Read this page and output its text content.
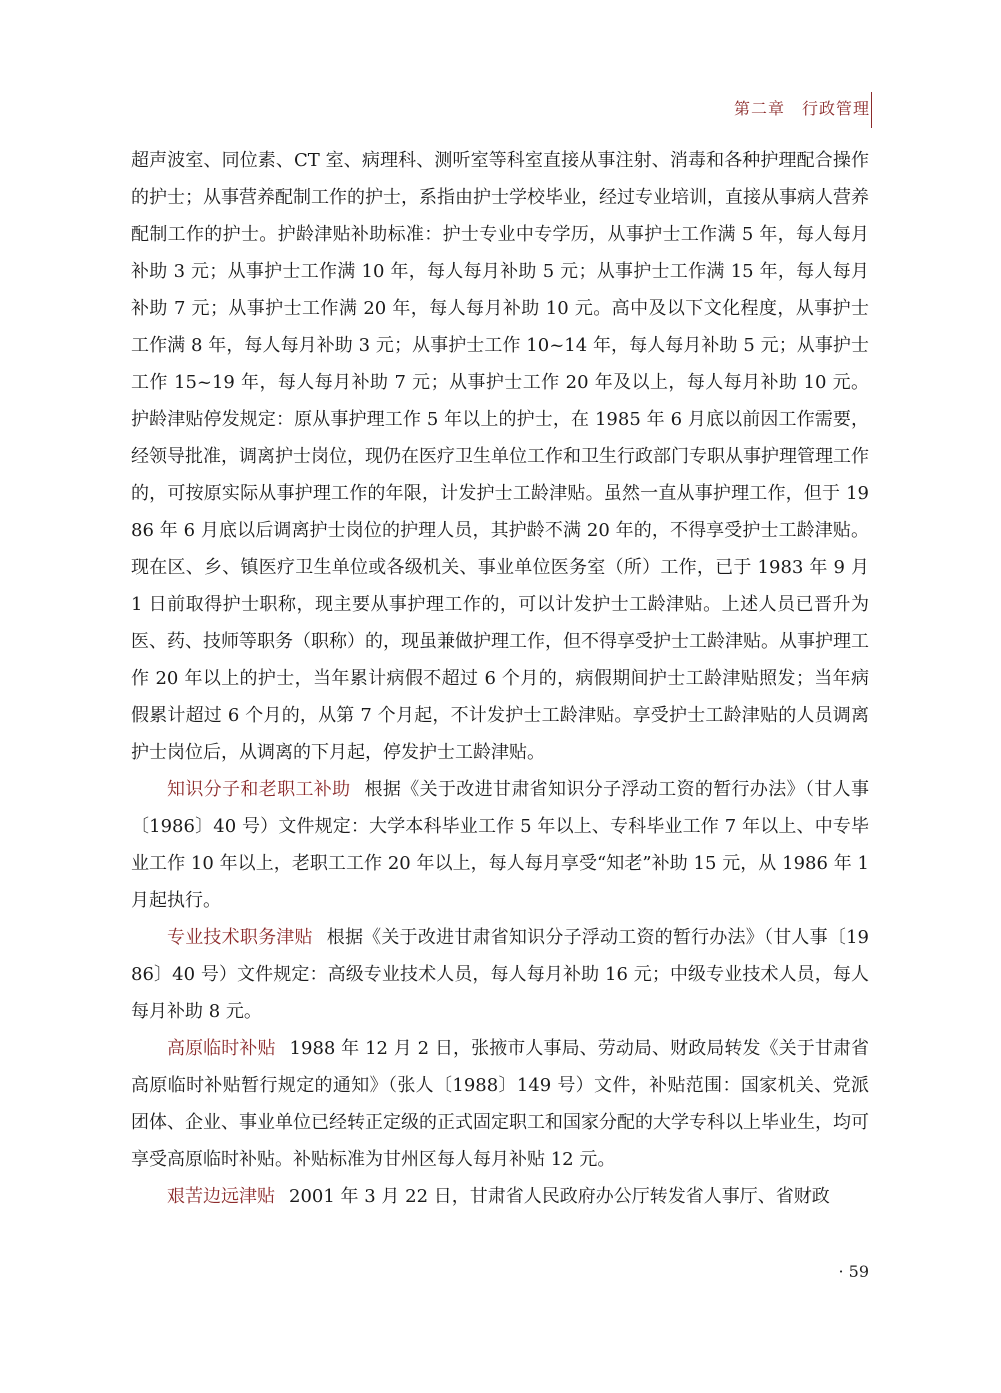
第二章　行政管理

超声波室、同位素、CT 室、病理科、测听室等科室直接从事注射、消毒和各种护理配合操作的护士；从事营养配制工作的护士，系指由护士学校毕业，经过专业培训，直接从事病人营养配制工作的护士。护龄津贴补助标准：护士专业中专学历，从事护士工作满 5 年，每人每月补助 3 元；从事护士工作满 10 年，每人每月补助 5 元；从事护士工作满 15 年，每人每月补助 7 元；从事护士工作满 20 年，每人每月补助 10 元。高中及以下文化程度，从事护士工作满 8 年，每人每月补助 3 元；从事护士工作 10~14 年，每人每月补助 5 元；从事护士工作 15~19 年，每人每月补助 7 元；从事护士工作 20 年及以上，每人每月补助 10 元。护龄津贴停发规定：原从事护理工作 5 年以上的护士，在 1985 年 6 月底以前因工作需要，经领导批准，调离护士岗位，现仍在医疗卫生单位工作和卫生行政部门专职从事护理管理工作的，可按原实际从事护理工作的年限，计发护士工龄津贴。虽然一直从事护理工作，但于 1986 年 6 月底以后调离护士岗位的护理人员，其护龄不满 20 年的，不得享受护士工龄津贴。现在区、乡、镇医疗卫生单位或各级机关、事业单位医务室（所）工作，已于 1983 年 9 月 1 日前取得护士职称，现主要从事护理工作的，可以计发护士工龄津贴。上述人员已晋升为医、药、技师等职务（职称）的，现虽兼做护理工作，但不得享受护士工龄津贴。从事护理工作 20 年以上的护士，当年累计病假不超过 6 个月的，病假期间护士工龄津贴照发；当年病假累计超过 6 个月的，从第 7 个月起，不计发护士工龄津贴。享受护士工龄津贴的人员调离护士岗位后，从调离的下月起，停发护士工龄津贴。

知识分子和老职工补助 根据《关于改进甘肃省知识分子浮动工资的暂行办法》（甘人事〔1986〕40 号）文件规定：大学本科毕业工作 5 年以上、专科毕业工作 7 年以上、中专毕业工作 10 年以上，老职工工作 20 年以上，每人每月享受“知老”补助 15 元，从 1986 年 1 月起执行。

专业技术职务津贴 根据《关于改进甘肃省知识分子浮动工资的暂行办法》（甘人事〔1986〕40 号）文件规定：高级专业技术人员，每人每月补助 16 元；中级专业技术人员，每人每月补助 8 元。

高原临时补贴 1988 年 12 月 2 日，张掖市人事局、劳动局、财政局转发《关于甘肃省高原临时补贴暂行规定的通知》（张人〔1988〕149 号）文件，补贴范围：国家机关、党派团体、企业、事业单位已经转正定级的正式固定职工和国家分配的大学专科以上毕业生，均可享受高原临时补贴。补贴标准为甘州区每人每月补贴 12 元。

艰苦边远津贴 2001 年 3 月 22 日，甘肃省人民政府办公厅转发省人事厅、省财政

· 59
